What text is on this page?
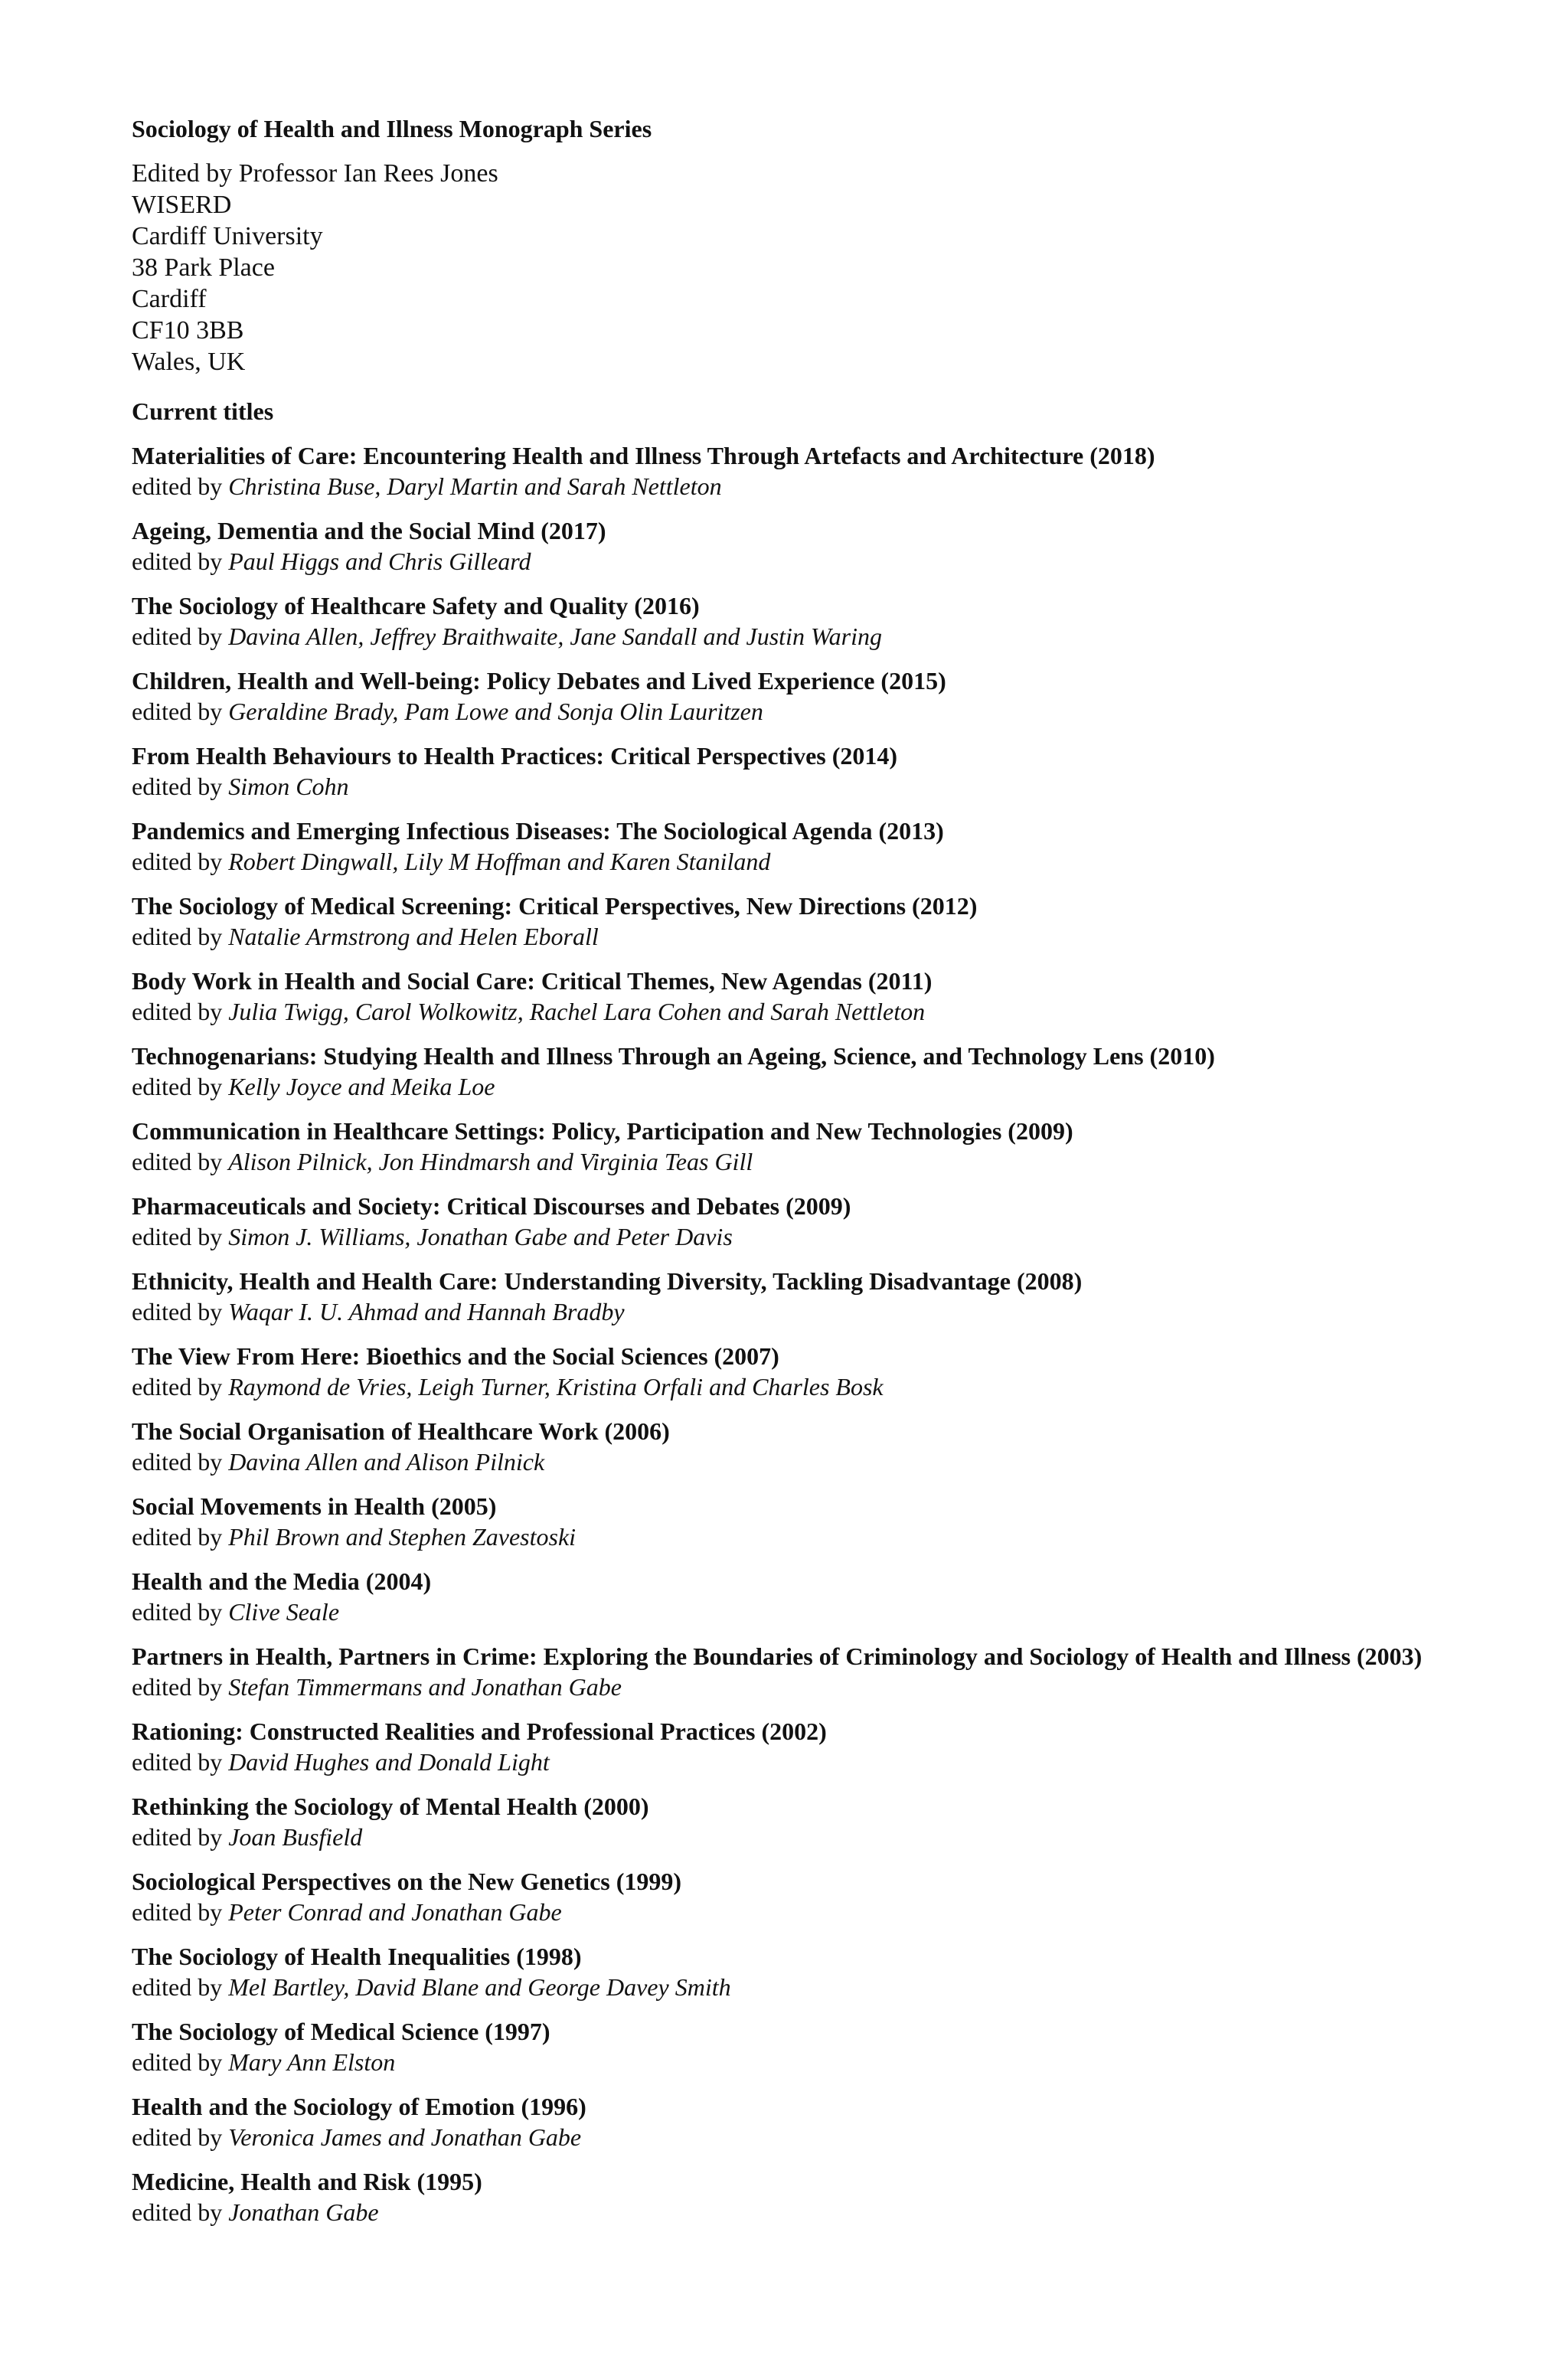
Sociology of Health and Illness Monograph Series
Edited by Professor Ian Rees Jones
WISERD
Cardiff University
38 Park Place
Cardiff
CF10 3BB
Wales, UK
Current titles
Materialities of Care: Encountering Health and Illness Through Artefacts and Architecture (2018)
edited by Christina Buse, Daryl Martin and Sarah Nettleton
Ageing, Dementia and the Social Mind (2017)
edited by Paul Higgs and Chris Gilleard
The Sociology of Healthcare Safety and Quality (2016)
edited by Davina Allen, Jeffrey Braithwaite, Jane Sandall and Justin Waring
Children, Health and Well-being: Policy Debates and Lived Experience (2015)
edited by Geraldine Brady, Pam Lowe and Sonja Olin Lauritzen
From Health Behaviours to Health Practices: Critical Perspectives (2014)
edited by Simon Cohn
Pandemics and Emerging Infectious Diseases: The Sociological Agenda (2013)
edited by Robert Dingwall, Lily M Hoffman and Karen Staniland
The Sociology of Medical Screening: Critical Perspectives, New Directions (2012)
edited by Natalie Armstrong and Helen Eborall
Body Work in Health and Social Care: Critical Themes, New Agendas (2011)
edited by Julia Twigg, Carol Wolkowitz, Rachel Lara Cohen and Sarah Nettleton
Technogenarians: Studying Health and Illness Through an Ageing, Science, and Technology Lens (2010)
edited by Kelly Joyce and Meika Loe
Communication in Healthcare Settings: Policy, Participation and New Technologies (2009)
edited by Alison Pilnick, Jon Hindmarsh and Virginia Teas Gill
Pharmaceuticals and Society: Critical Discourses and Debates (2009)
edited by Simon J. Williams, Jonathan Gabe and Peter Davis
Ethnicity, Health and Health Care: Understanding Diversity, Tackling Disadvantage (2008)
edited by Waqar I. U. Ahmad and Hannah Bradby
The View From Here: Bioethics and the Social Sciences (2007)
edited by Raymond de Vries, Leigh Turner, Kristina Orfali and Charles Bosk
The Social Organisation of Healthcare Work (2006)
edited by Davina Allen and Alison Pilnick
Social Movements in Health (2005)
edited by Phil Brown and Stephen Zavestoski
Health and the Media (2004)
edited by Clive Seale
Partners in Health, Partners in Crime: Exploring the Boundaries of Criminology and Sociology of Health and Illness (2003)
edited by Stefan Timmermans and Jonathan Gabe
Rationing: Constructed Realities and Professional Practices (2002)
edited by David Hughes and Donald Light
Rethinking the Sociology of Mental Health (2000)
edited by Joan Busfield
Sociological Perspectives on the New Genetics (1999)
edited by Peter Conrad and Jonathan Gabe
The Sociology of Health Inequalities (1998)
edited by Mel Bartley, David Blane and George Davey Smith
The Sociology of Medical Science (1997)
edited by Mary Ann Elston
Health and the Sociology of Emotion (1996)
edited by Veronica James and Jonathan Gabe
Medicine, Health and Risk (1995)
edited by Jonathan Gabe
